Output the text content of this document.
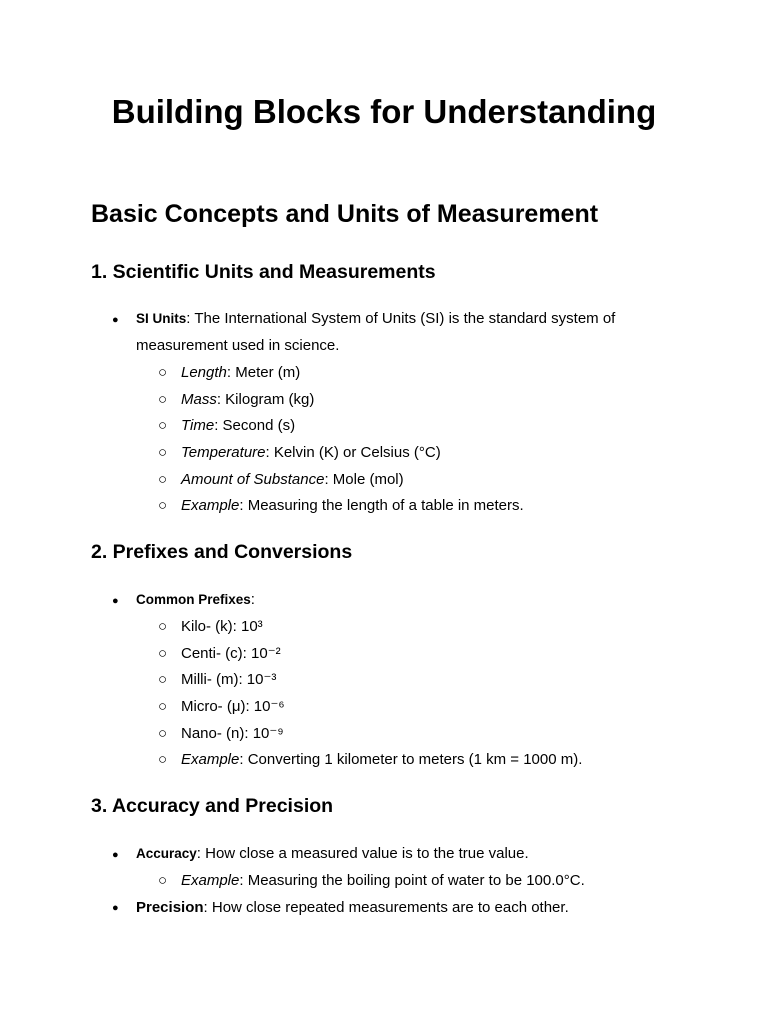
Building Blocks for Understanding
Basic Concepts and Units of Measurement
1. Scientific Units and Measurements
● SI Units: The International System of Units (SI) is the standard system of
measurement used in science.
○ Length: Meter (m)
○ Mass: Kilogram (kg)
○ Time: Second (s)
○ Temperature: Kelvin (K) or Celsius (°C)
○ Amount of Substance: Mole (mol)
○ Example: Measuring the length of a table in meters.
2. Prefixes and Conversions
● Common Prefixes:
○ Kilo- (k): 10³
○ Centi- (c): 10⁻²
○ Milli- (m): 10⁻³
○ Micro- (μ): 10⁻⁶
○ Nano- (n): 10⁻⁹
○ Example: Converting 1 kilometer to meters (1 km = 1000 m).
3. Accuracy and Precision
● Accuracy: How close a measured value is to the true value.
○ Example: Measuring the boiling point of water to be 100.0°C.
● Precision: How close repeated measurements are to each other.
